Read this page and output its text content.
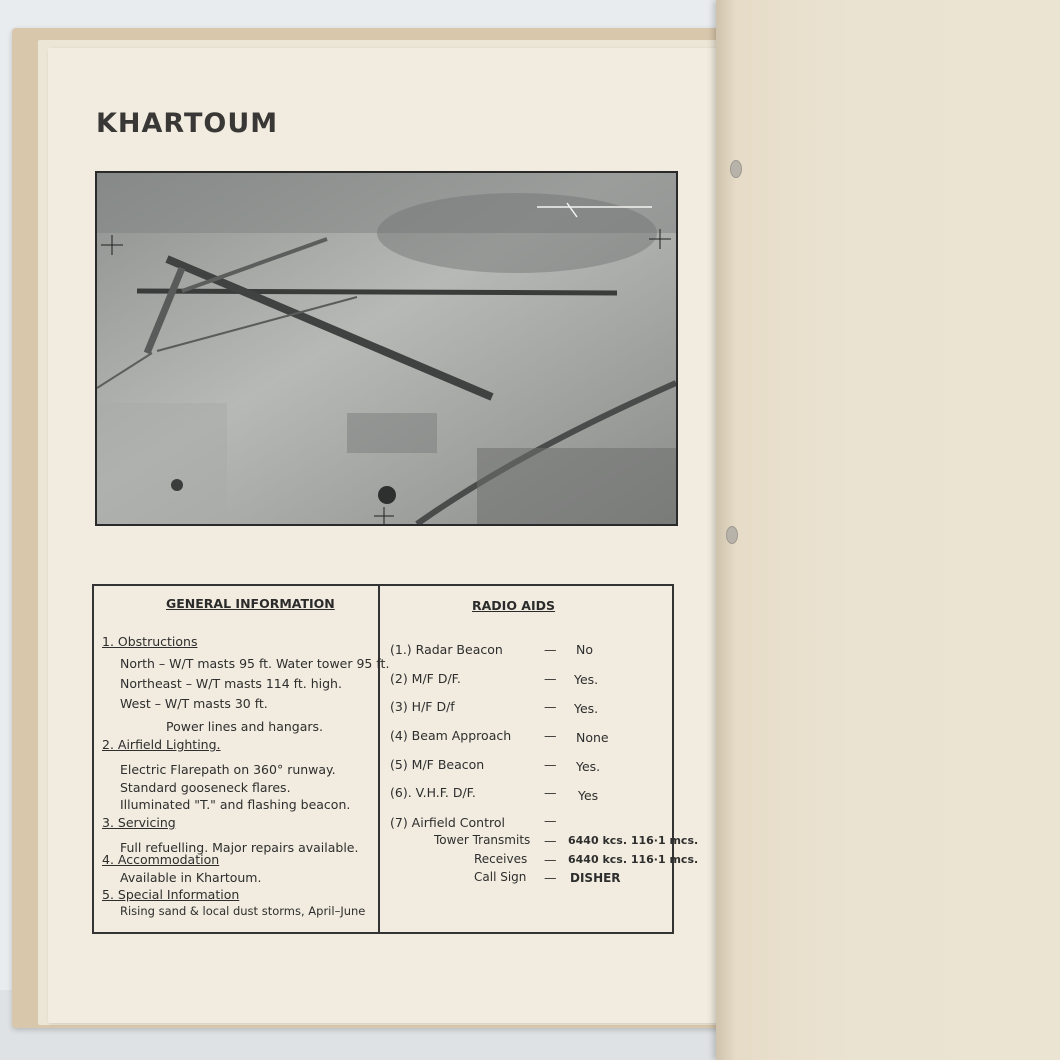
KHARTOUM
GENERAL INFORMATION	RADIO AIDS
1. Obstructions
North – W/T masts 95 ft. Water tower 95 ft.
Northeast – W/T masts 114 ft. high.
West – W/T masts 30 ft.
Power lines and hangars.
2. Airfield Lighting.
Electric Flarepath on 360° runway.
Standard gooseneck flares.
Illuminated "T." and flashing beacon.
3. Servicing
Full refuelling. Major repairs available.
4. Accommodation
Available in Khartoum.
5. Special Information
Rising sand & local dust storms, April–June
(1.) Radar Beacon	— No
(2) M/F D/F.	— Yes.
(3) H/F D/f	— Yes.
(4) Beam Approach	— None
(5) M/F Beacon	— Yes.
(6). V.H.F. D/F.	— Yes
(7) Airfield Control	—
Tower Transmits — 6440 kcs. 116·1 mcs.
Receives — 6440 kcs. 116·1 mcs.
Call Sign — DISHER
